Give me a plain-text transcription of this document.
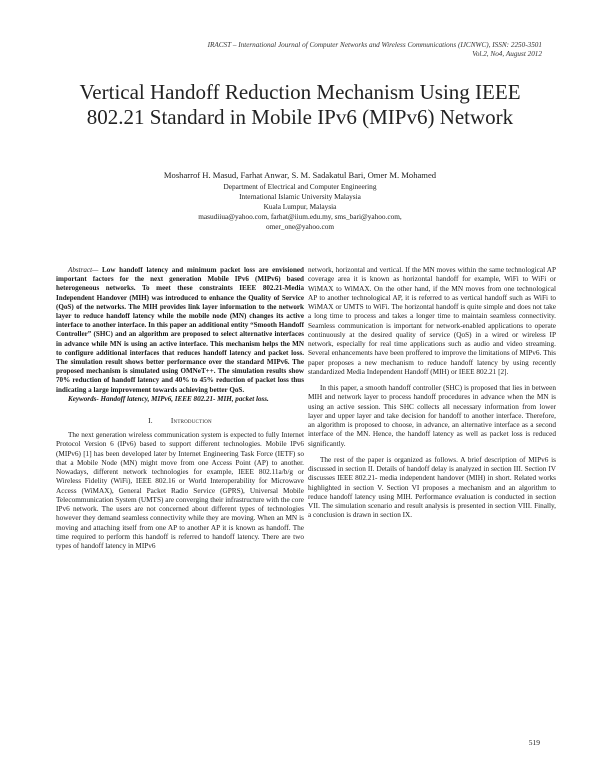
IRACST – International Journal of Computer Networks and Wireless Communications (IJCNWC), ISSN: 2250-3501
Vol.2, No4, August 2012
Vertical Handoff Reduction Mechanism Using IEEE
802.21 Standard in Mobile IPv6 (MIPv6) Network
Mosharrof H. Masud, Farhat Anwar, S. M. Sadakatul Bari, Omer M. Mohamed
Department of Electrical and Computer Engineering
International Islamic University Malaysia
Kuala Lumpur, Malaysia
masudiiua@yahoo.com, farhat@iium.edu.my, sms_bari@yahoo.com,
omer_one@yahoo.com

Abstract— Low handoff latency and minimum packet loss are envisioned important factors for the next generation Mobile IPv6 (MIPv6) based heterogeneous networks. To meet these constraints IEEE 802.21-Media Independent Handover (MIH) was introduced to enhance the Quality of Service (QoS) of the networks. The MIH provides link layer information to the network layer to reduce handoff latency while the mobile node (MN) changes its active interface to another interface. In this paper an additional entity “Smooth Handoff Controller” (SHC) and an algorithm are proposed to select alternative interfaces in advance while MN is using an active interface. This mechanism helps the MN to configure additional interfaces that reduces handoff latency and packet loss. The simulation result shows better performance over the standard MIPv6. The proposed mechanism is simulated using OMNeT++. The simulation results show 70% reduction of handoff latency and 40% to 45% reduction of packet loss thus indicating a large improvement towards achieving better QoS.

Keywords- Handoff latency, MIPv6, IEEE 802.21- MIH, packet loss.

I. Introduction

The next generation wireless communication system is expected to fully Internet Protocol Version 6 (IPv6) based to support different technologies. Mobile IPv6 (MIPv6) [1] has been developed later by Internet Engineering Task Force (IETF) so that a Mobile Node (MN) might move from one Access Point (AP) to another. Nowadays, different network technologies for example, IEEE 802.11a/b/g or Wireless Fidelity (WiFi), IEEE 802.16 or World Interoperability for Microwave Access (WiMAX), General Packet Radio Service (GPRS), Universal Mobile Telecommunication System (UMTS) are converging their infrastructure with the core IPv6 network. The users are not concerned about different types of technologies however they demand seamless connectivity while they are moving. When an MN is moving and attaching itself from one AP to another AP it is known as handoff. The time required to perform this handoff is referred to handoff latency. There are two types of handoff latency in MIPv6

network, horizontal and vertical. If the MN moves within the same technological AP coverage area it is known as horizontal handoff for example, WiFi to WiFi or WiMAX to WiMAX. On the other hand, if the MN moves from one technological AP to another technological AP, it is referred to as vertical handoff such as WiFi to WiMAX or UMTS to WiFi. The horizontal handoff is quite simple and does not take a long time to process and takes a longer time to maintain seamless connectivity. Seamless communication is important for network-enabled applications to operate continuously at the desired quality of service (QoS) in a wired or wireless IP network, especially for real time applications such as audio and video streaming. Several enhancements have been proffered to improve the limitations of MIPv6. This paper proposes a new mechanism to reduce handoff latency by using recently standardized Media Independent Handoff (MIH) or IEEE 802.21 [2].

In this paper, a smooth handoff controller (SHC) is proposed that lies in between MIH and network layer to process handoff procedures in advance when the MN is using an active session. This SHC collects all necessary information from lower layer and upper layer and take decision for handoff to another interface. Therefore, an algorithm is proposed to choose, in advance, an alternative interface as a second interface of the MN. Hence, the handoff latency as well as packet loss is reduced significantly.

The rest of the paper is organized as follows. A brief description of MIPv6 is discussed in section II. Details of handoff delay is analyzed in section III. Section IV discusses IEEE 802.21- media independent handover (MIH) in short. Related works highlighted in section V. Section VI proposes a mechanism and an algorithm to reduce handoff latency using MIH. Performance evaluation is conducted in section VII. The simulation scenario and result analysis is presented in section VIII. Finally, a conclusion is drawn in section IX.

519
